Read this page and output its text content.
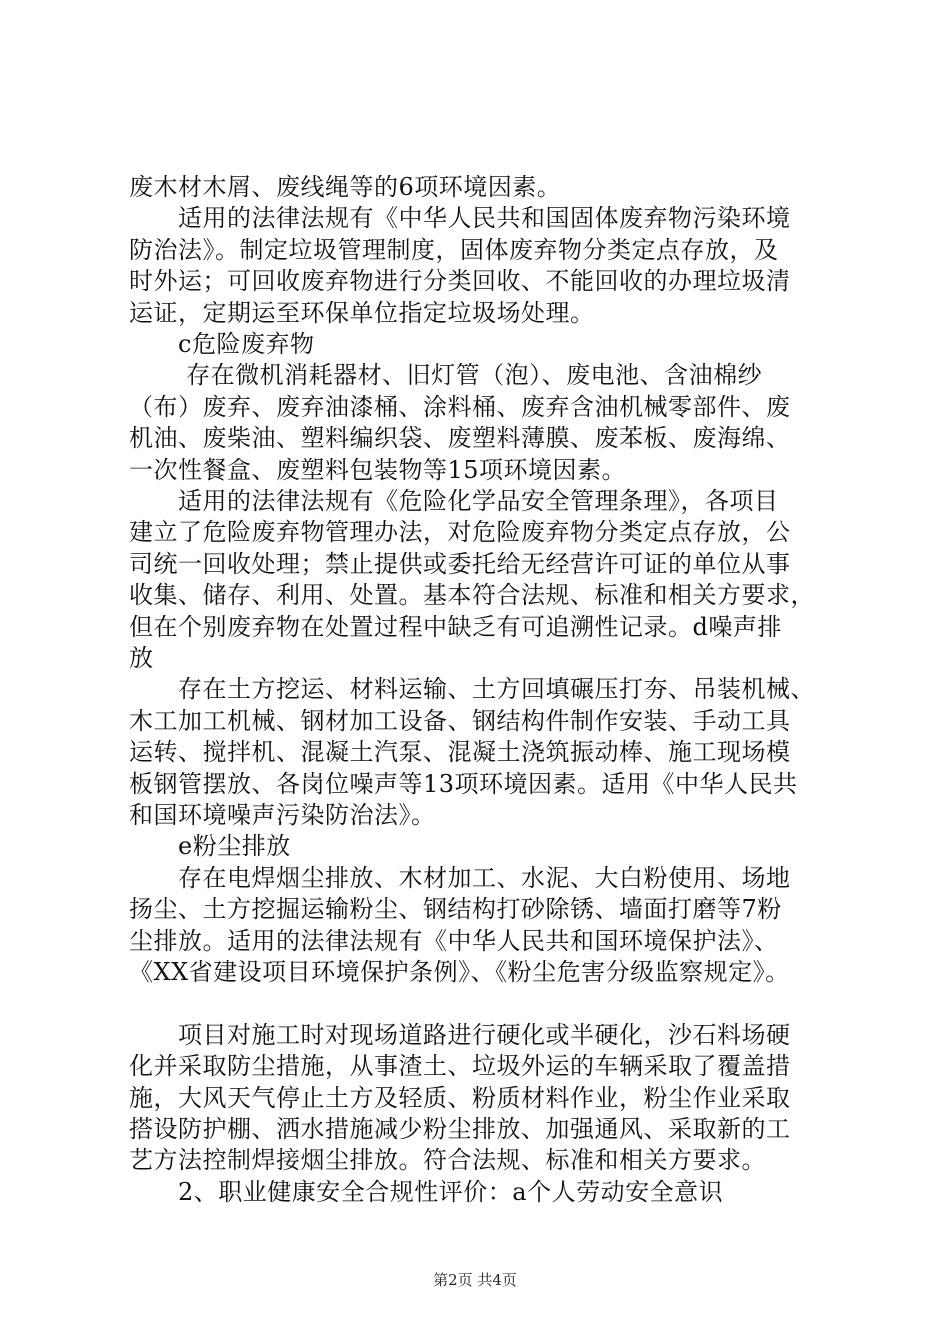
废木材木屑、废线绳等的6项环境因素。
　　适用的法律法规有《中华人民共和国固体废弃物污染环境
防治法》。制定垃圾管理制度，固体废弃物分类定点存放，及
时外运；可回收废弃物进行分类回收、不能回收的办理垃圾清
运证，定期运至环保单位指定垃圾场处理。
　　c危险废弃物
　　 存在微机消耗器材、旧灯管（泡）、废电池、含油棉纱
（布）废弃、废弃油漆桶、涂料桶、废弃含油机械零部件、废
机油、废柴油、塑料编织袋、废塑料薄膜、废苯板、废海绵、
一次性餐盒、废塑料包装物等15项环境因素。
　　适用的法律法规有《危险化学品安全管理条理》，各项目
建立了危险废弃物管理办法，对危险废弃物分类定点存放，公
司统一回收处理；禁止提供或委托给无经营许可证的单位从事
收集、储存、利用、处置。基本符合法规、标准和相关方要求，
但在个别废弃物在处置过程中缺乏有可追溯性记录。d噪声排
放
　　存在土方挖运、材料运输、土方回填碾压打夯、吊装机械、
木工加工机械、钢材加工设备、钢结构件制作安装、手动工具
运转、搅拌机、混凝土汽泵、混凝土浇筑振动棒、施工现场模
板钢管摆放、各岗位噪声等13项环境因素。适用《中华人民共
和国环境噪声污染防治法》。
　　e粉尘排放
　　存在电焊烟尘排放、木材加工、水泥、大白粉使用、场地
扬尘、土方挖掘运输粉尘、钢结构打砂除锈、墙面打磨等7粉
尘排放。适用的法律法规有《中华人民共和国环境保护法》、
《XX省建设项目环境保护条例》、《粉尘危害分级监察规定》。
　　项目对施工时对现场道路进行硬化或半硬化，沙石料场硬
化并采取防尘措施，从事渣土、垃圾外运的车辆采取了覆盖措
施，大风天气停止土方及轻质、粉质材料作业，粉尘作业采取
搭设防护棚、洒水措施减少粉尘排放、加强通风、采取新的工
艺方法控制焊接烟尘排放。符合法规、标准和相关方要求。
　　2、职业健康安全合规性评价：a个人劳动安全意识
第2页 共4页
